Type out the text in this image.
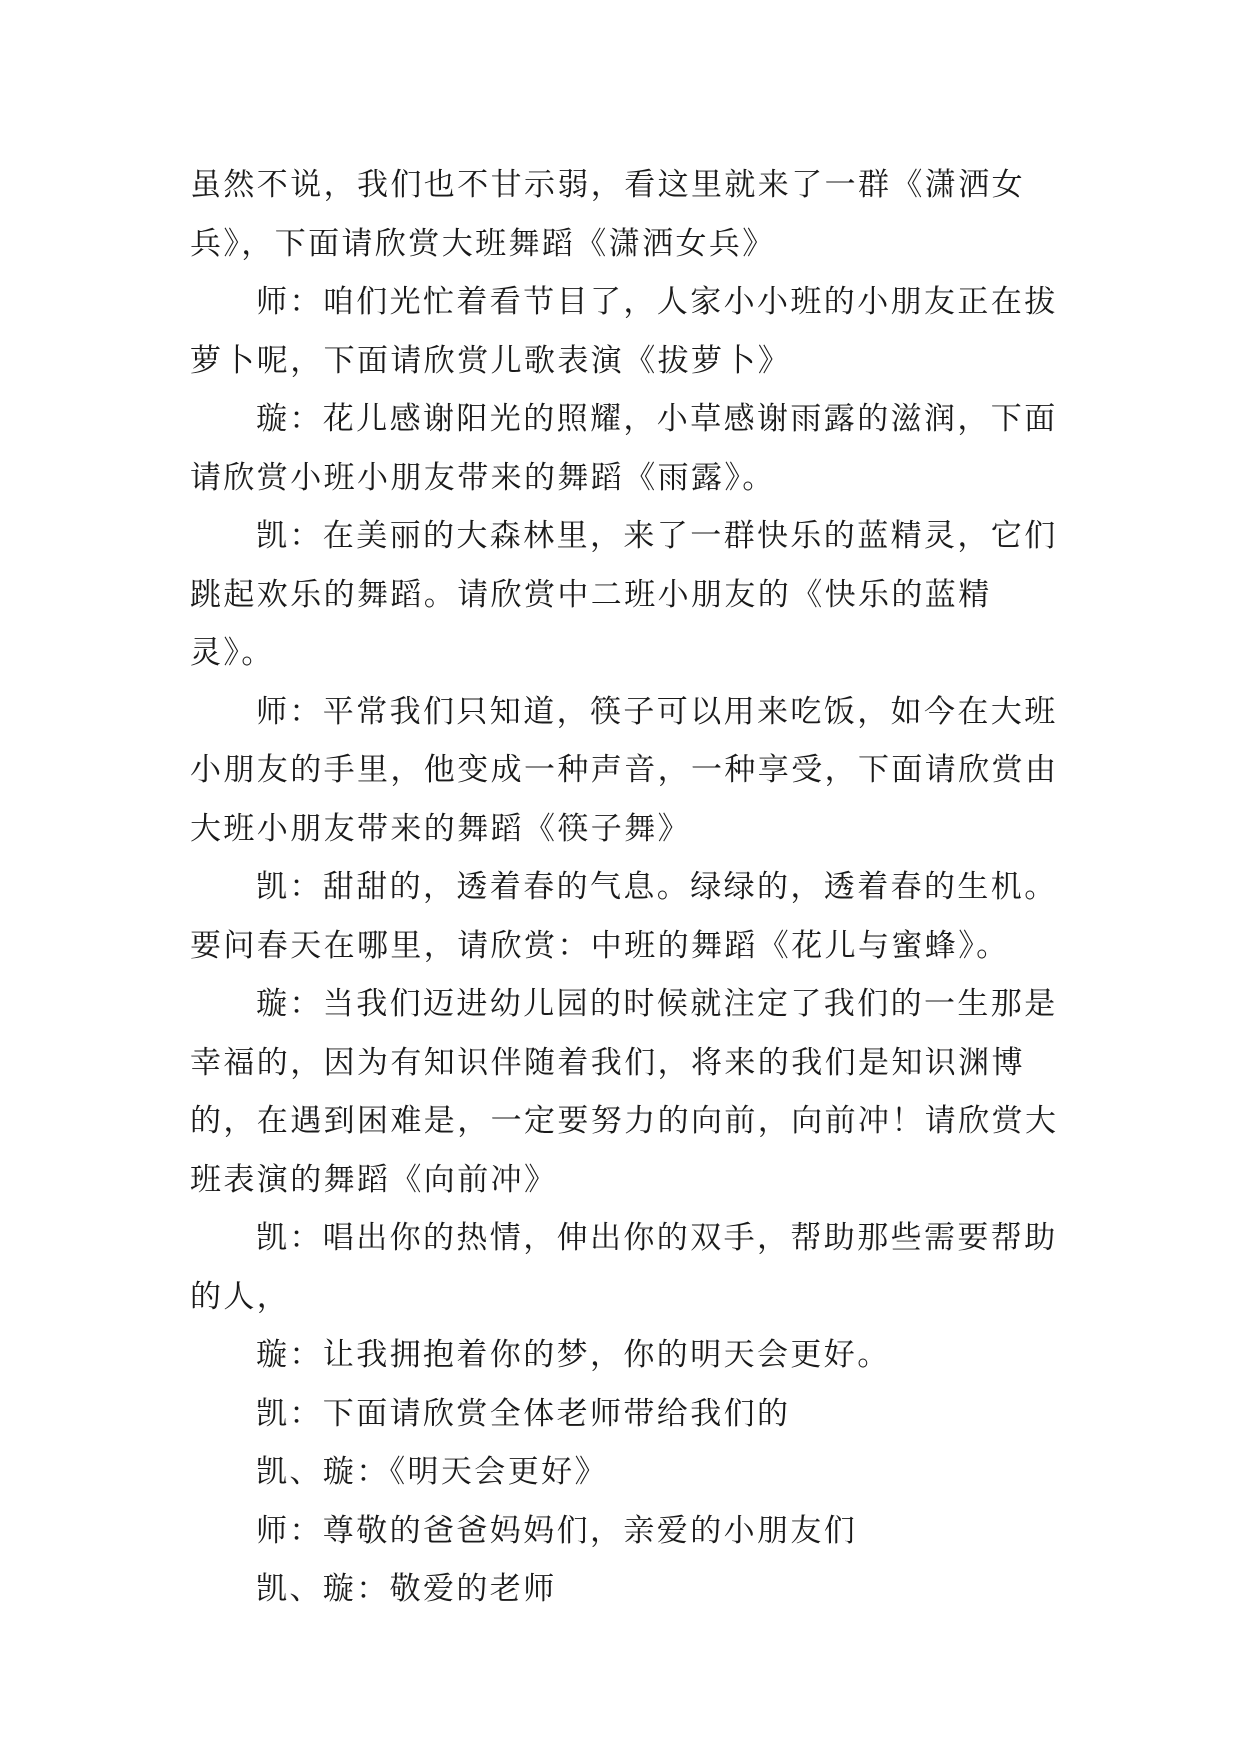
虽然不说，我们也不甘示弱，看这里就来了一群《潇洒女兵》，下面请欣赏大班舞蹈《潇洒女兵》

师：咱们光忙着看节目了，人家小小班的小朋友正在拔萝卜呢，下面请欣赏儿歌表演《拔萝卜》

璇：花儿感谢阳光的照耀，小草感谢雨露的滋润，下面请欣赏小班小朋友带来的舞蹈《雨露》。

凯：在美丽的大森林里，来了一群快乐的蓝精灵，它们跳起欢乐的舞蹈。请欣赏中二班小朋友的《快乐的蓝精灵》。

师：平常我们只知道，筷子可以用来吃饭，如今在大班小朋友的手里，他变成一种声音，一种享受，下面请欣赏由大班小朋友带来的舞蹈《筷子舞》

凯：甜甜的，透着春的气息。绿绿的，透着春的生机。要问春天在哪里，请欣赏：中班的舞蹈《花儿与蜜蜂》。

璇：当我们迈进幼儿园的时候就注定了我们的一生那是幸福的，因为有知识伴随着我们，将来的我们是知识渊博的，在遇到困难是，一定要努力的向前，向前冲！请欣赏大班表演的舞蹈《向前冲》

凯：唱出你的热情，伸出你的双手，帮助那些需要帮助的人，

璇：让我拥抱着你的梦，你的明天会更好。

凯：下面请欣赏全体老师带给我们的

凯、璇：《明天会更好》

师：尊敬的爸爸妈妈们，亲爱的小朋友们

凯、璇：敬爱的老师
